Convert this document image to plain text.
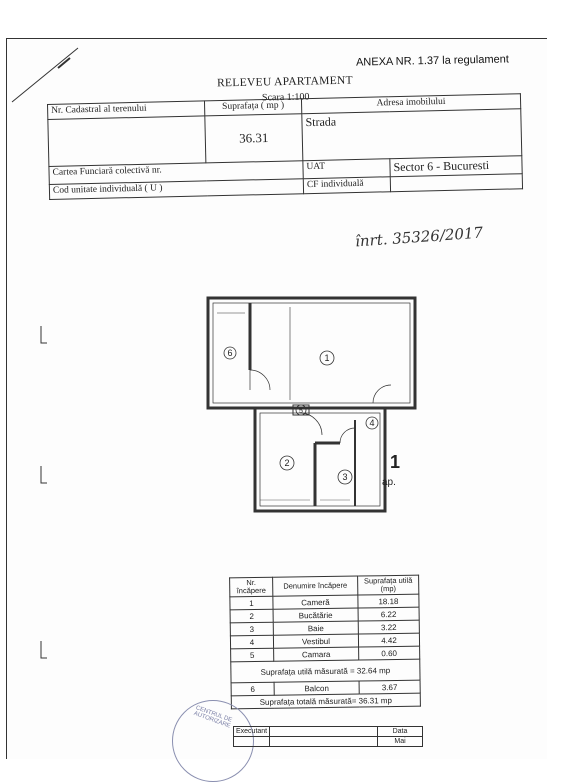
ANEXA NR. 1.37 la regulament
RELEVEU APARTAMENT
Scara 1:100
Nr. Cadastral al terenului	Suprafața ( mp )	Adresa imobilului	
	36.31	Strada	
Cartea Funciară colectivă nr.		UAT	Sector 6 - Bucuresti
Cod unitate individuală ( U )		CF individuală	
înrt. 35326/2017
1
2
3
4
5
6
1
ap.
Nr. încăpere	Denumire încăpere	Suprafața utilă (mp)
1	Cameră	18.18
2	Bucătărie	6.22
3	Baie	3.22
4	Vestibul	4.42
5	Camara	0.60
Suprafața utilă măsurată = 32.64 mp		
6	Balcon	3.67
Suprafața totală măsurată= 36.31 mp		
CENTRUL DE AUTORIZARE
Executant		Data
		Mai
